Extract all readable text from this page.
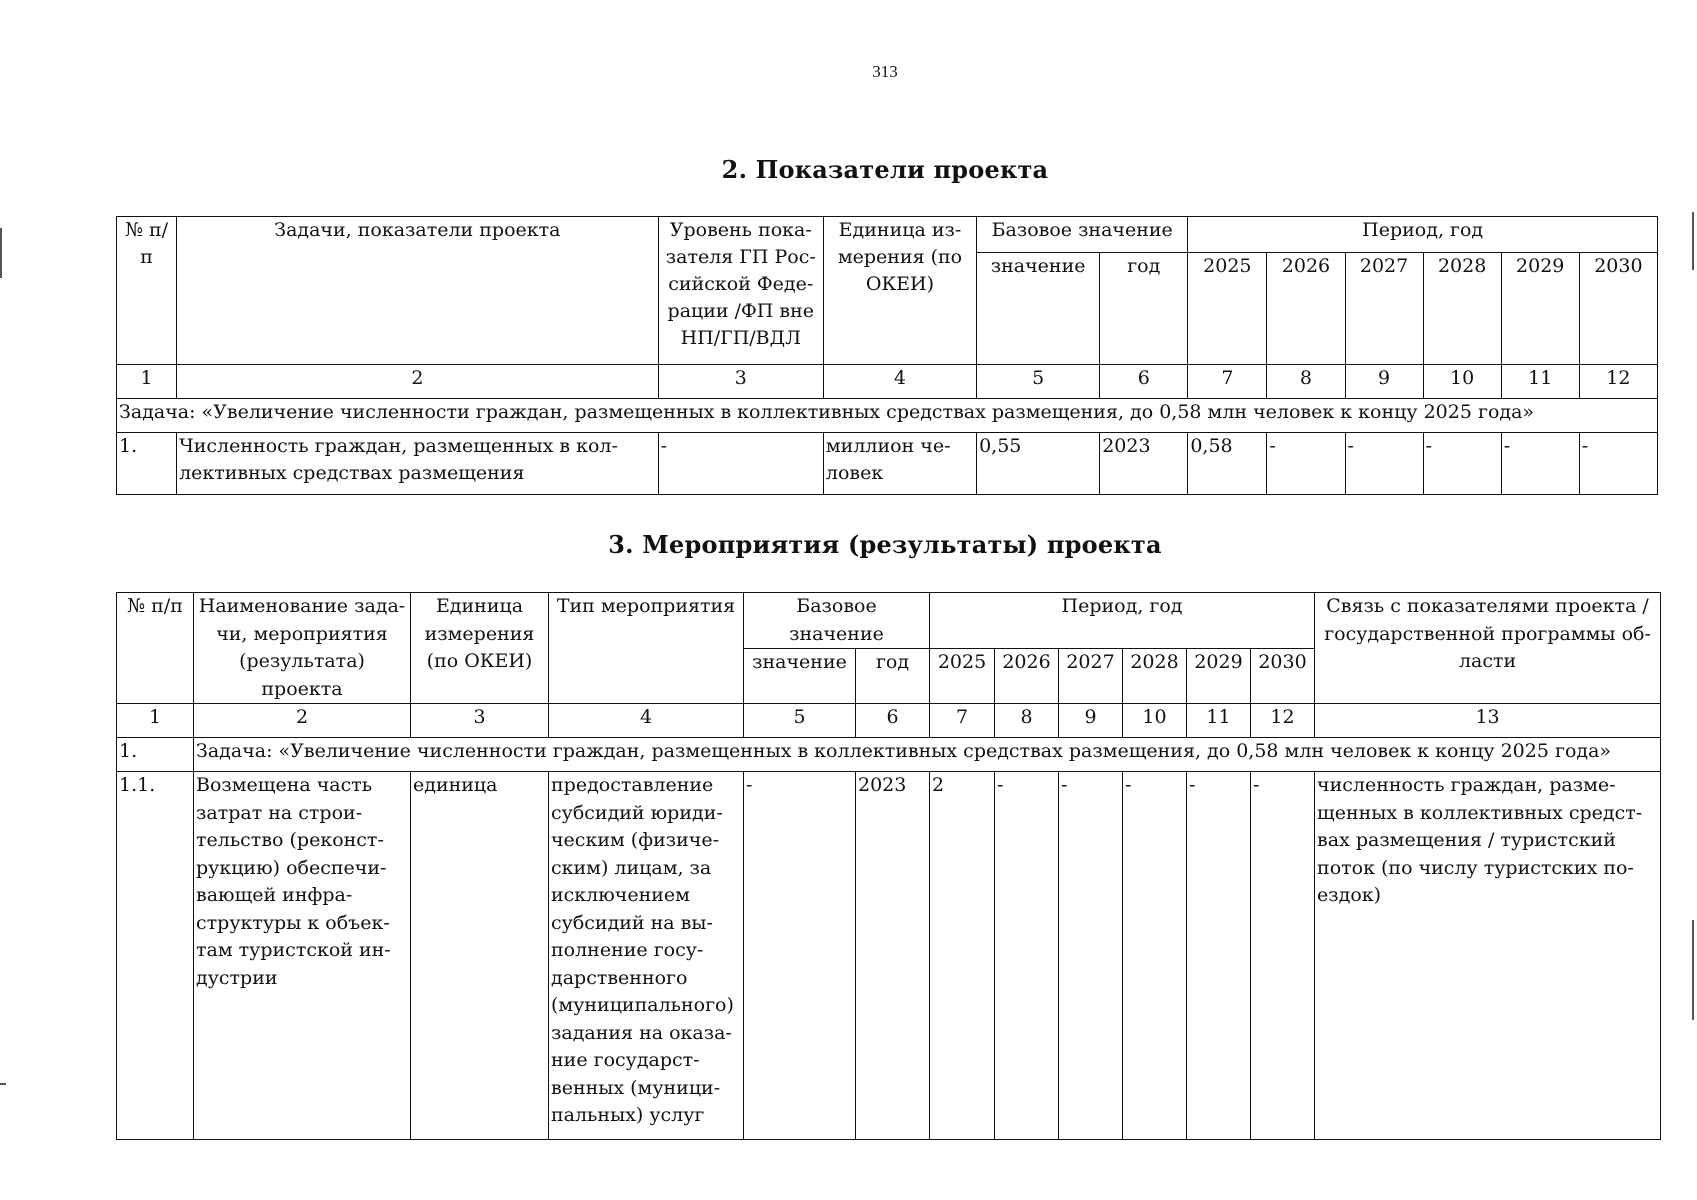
313
2. Показатели проекта
№ п/п	Задачи, показатели проекта	Уровень пока-зателя ГП Рос-сийской Феде-рации /ФП вне НП/ГП/ВДЛ	Единица из-мерения (по ОКЕИ)	Базовое значение		Период, год					
				значение	год	2025	2026	2027	2028	2029	2030
1	2	3	4	5	6	7	8	9	10	11	12
Задача: «Увеличение численности граждан, размещенных в коллективных средствах размещения, до 0,58 млн человек к концу 2025 года»											
1.	Численность граждан, размещенных в кол-лективных средствах размещения	-	миллион че-ловек	0,55	2023	0,58	-	-	-	-	-
3. Мероприятия (результаты) проекта
№ п/п	Наименование зада-чи, мероприятия (результата) проекта	Единица измерения (по ОКЕИ)	Тип мероприятия	Базовое значение		Период, год						Связь с показателями проекта / государственной программы об-ласти
				значение	год	2025	2026	2027	2028	2029	2030	
1	2	3	4	5	6	7	8	9	10	11	12	13
1.	Задача: «Увеличение численности граждан, размещенных в коллективных средствах размещения, до 0,58 млн человек к концу 2025 года»											
1.1.	Возмещена часть затрат на строи-тельство (реконст-рукцию) обеспечи-вающей инфра-структуры к объек-там туристской ин-дустрии	единица	предоставление субсидий юриди-ческим (физиче-ским) лицам, за исключением субсидий на вы-полнение госу-дарственного (муниципального) задания на оказа-ние государст-венных (муници-пальных) услуг	-	2023	2	-	-	-	-	-	численность граждан, разме-щенных в коллективных средст-вах размещения / туристский поток (по числу туристских по-ездок)
